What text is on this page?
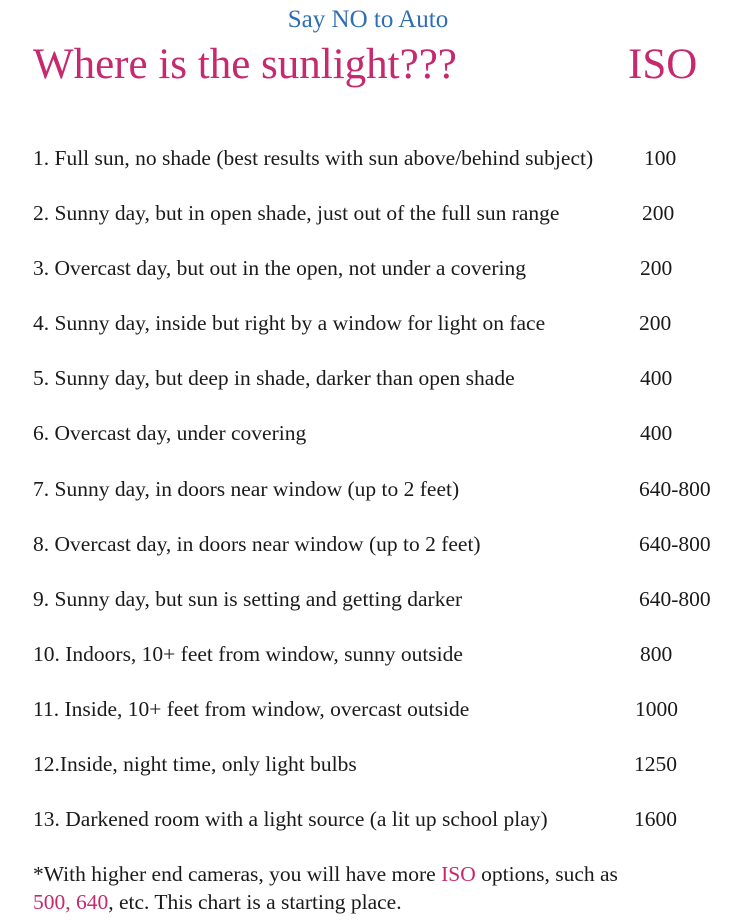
Say NO to Auto
Where is the sunlight???	ISO
1. Full sun, no shade (best results with sun above/behind subject) 100
2. Sunny day, but in open shade, just out of the full sun range	200
3. Overcast day, but out in the open, not under a covering	200
4. Sunny day, inside but right by a window for light on face	200
5. Sunny day, but deep in shade, darker than open shade	400
6. Overcast day, under covering	400
7. Sunny day, in doors near window (up to 2 feet)	640-800
8. Overcast day, in doors near window (up to 2 feet)	640-800
9. Sunny day, but sun is setting and getting darker	640-800
10. Indoors, 10+ feet from window, sunny outside	800
11. Inside, 10+ feet from window, overcast outside	1000
12.Inside, night time, only light bulbs	1250
13. Darkened room with a light source (a lit up school play)	1600
*With higher end cameras, you will have more ISO options, such as
500, 640, etc. This chart is a starting place.
